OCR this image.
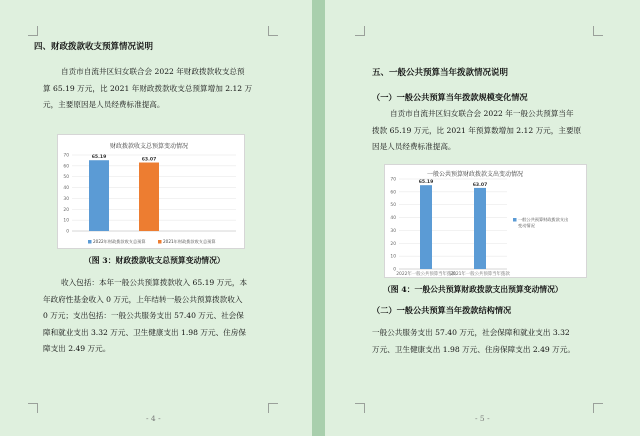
四、财政拨款收支预算情况说明
自贡市自流井区妇女联合会 2022 年财政拨款收支总预
算 65.19 万元，比 2021 年财政拨款收支总预算增加 2.12 万
元，主要原因是人员经费标准提高。
财政拨款收支总预算变动情况
0
10
20
30
40
50
60
70	65.19	63.07
2022年财政拨款收支总预算	2021年财政拨款收支总预算
（图 3：财政拨款收支总预算变动情况）
收入包括：本年一般公共预算拨款收入 65.19 万元，本
年政府性基金收入 0 万元，上年结转一般公共预算拨款收入
0 万元；支出包括：一般公共服务支出 57.40 万元、社会保
障和就业支出 3.32 万元、卫生健康支出 1.98 万元、住房保
障支出 2.49 万元。
- 4 -
五、一般公共预算当年拨款情况说明
（一）一般公共预算当年拨款规模变化情况
自贡市自流井区妇女联合会 2022 年一般公共预算当年
拨款 65.19 万元，比 2021 年预算数增加 2.12 万元，主要原
因是人员经费标准提高。
一般公共预算财政拨款支出变动情况
0
10
20
30
40
50
60
70
65.19
2022年一般公共预算当年拨款
63.07
2021年一般公共预算当年拨款
一般公共预算财政拨款支出
变动情况
（图 4：一般公共预算财政拨款支出预算变动情况）
（二）一般公共预算当年拨款结构情况
一般公共服务支出 57.40 万元，社会保障和就业支出 3.32
万元、卫生健康支出 1.98 万元、住房保障支出 2.49 万元。
- 5 -
